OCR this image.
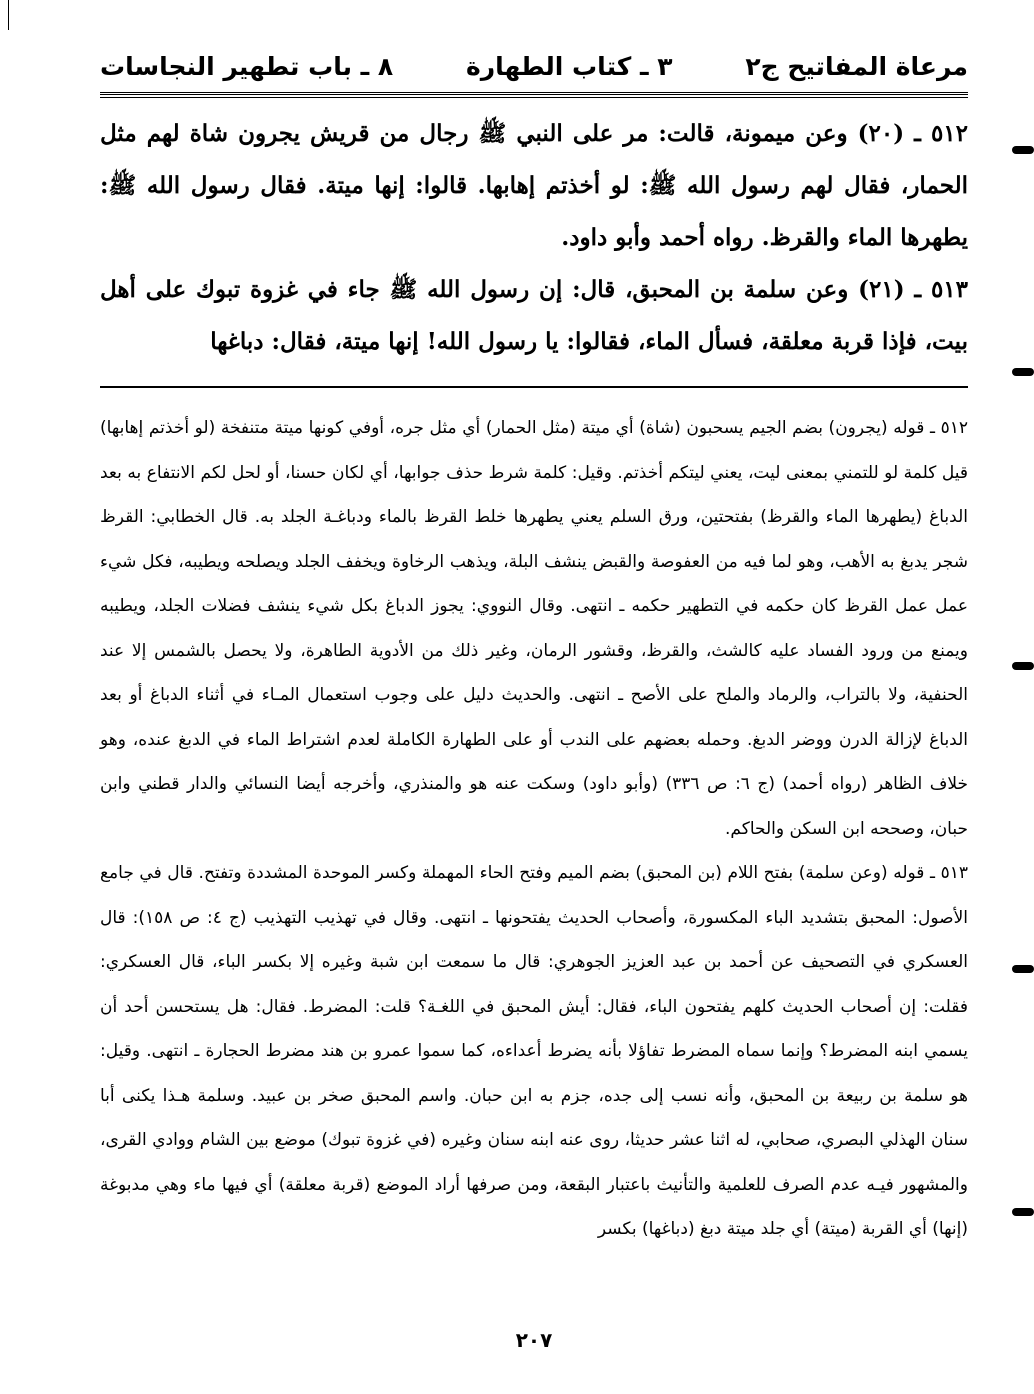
مرعاة المفاتيح ج٢
٣ ـ كتاب الطهارة
٨ ـ باب تطهير النجاسات

٥١٢ ـ (٢٠) وعن ميمونة، قالت: مر على النبي ﷺ رجال من قريش يجرون شاة لهم مثل الحمار، فقال لهم رسول الله ﷺ: لو أخذتم إهابها. قالوا: إنها ميتة. فقال رسول الله ﷺ: يطهرها الماء والقرظ. رواه أحمد وأبو داود.

٥١٣ ـ (٢١) وعن سلمة بن المحبق، قال: إن رسول الله ﷺ جاء في غزوة تبوك على أهل بيت، فإذا قربة معلقة، فسأل الماء، فقالوا: يا رسول الله! إنها ميتة، فقال: دباغها

٥١٢ ـ قوله (يجرون) بضم الجيم يسحبون (شاة) أي ميتة (مثل الحمار) أي مثل جره، أوفي كونها ميتة متنفخة (لو أخذتم إهابها) قيل كلمة لو للتمني بمعنى ليت، يعني ليتكم أخذتم. وقيل: كلمة شرط حذف جوابها، أي لكان حسنا، أو لحل لكم الانتفاع به بعد الدباغ (يطهرها الماء والقرظ) بفتحتين، ورق السلم يعني يطهرها خلط القرظ بالماء ودباغـة الجلد به. قال الخطابي: القرظ شجر يدبغ به الأهب، وهو لما فيه من العفوصة والقبض ينشف البلة، ويذهب الرخاوة ويخفف الجلد ويصلحه ويطيبه، فكل شيء عمل عمل القرظ كان حكمه في التطهير حكمه ـ انتهى. وقال النووي: يجوز الدباغ بكل شيء ينشف فضلات الجلد، ويطيبه ويمنع من ورود الفساد عليه كالشث، والقرظ، وقشور الرمان، وغير ذلك من الأدوية الطاهرة، ولا يحصل بالشمس إلا عند الحنفية، ولا بالتراب، والرماد والملح على الأصح ـ انتهى. والحديث دليل على وجوب استعمال المـاء في أثناء الدباغ أو بعد الدباغ لإزالة الدرن ووضر الدبغ. وحمله بعضهم على الندب أو على الطهارة الكاملة لعدم اشتراط الماء في الدبغ عنده، وهو خلاف الظاهر (رواه أحمد) (ج ٦: ص ٣٣٦) (وأبو داود) وسكت عنه هو والمنذري، وأخرجه أيضا النسائي والدار قطني وابن حبان، وصححه ابن السكن والحاكم.

٥١٣ ـ قوله (وعن سلمة) بفتح اللام (بن المحبق) بضم الميم وفتح الحاء المهملة وكسر الموحدة المشددة وتفتح. قال في جامع الأصول: المحبق بتشديد الباء المكسورة، وأصحاب الحديث يفتحونها ـ انتهى. وقال في تهذيب التهذيب (ج ٤: ص ١٥٨): قال العسكري في التصحيف عن أحمد بن عبد العزيز الجوهري: قال ما سمعت ابن شبة وغيره إلا بكسر الباء، قال العسكري: فقلت: إن أصحاب الحديث كلهم يفتحون الباء، فقال: أيش المحبق في اللغـة؟ قلت: المضرط. فقال: هل يستحسن أحد أن يسمي ابنه المضرط؟ وإنما سماه المضرط تفاؤلا بأنه يضرط أعداءه، كما سموا عمرو بن هند مضرط الحجارة ـ انتهى. وقيل: هو سلمة بن ربيعة بن المحبق، وأنه نسب إلى جده، جزم به ابن حبان. واسم المحبق صخر بن عبيد. وسلمة هـذا يكنى أبا سنان الهذلي البصري، صحابي، له اثنا عشر حديثا، روى عنه ابنه سنان وغيره (في غزوة تبوك) موضع بين الشام ووادي القرى، والمشهور فيـه عدم الصرف للعلمية والتأنيث باعتبار البقعة، ومن صرفها أراد الموضع (قربة معلقة) أي فيها ماء وهي مدبوغة (إنها) أي القربة (ميتة) أي جلد ميتة دبغ (دباغها) بكسر

٢٠٧
